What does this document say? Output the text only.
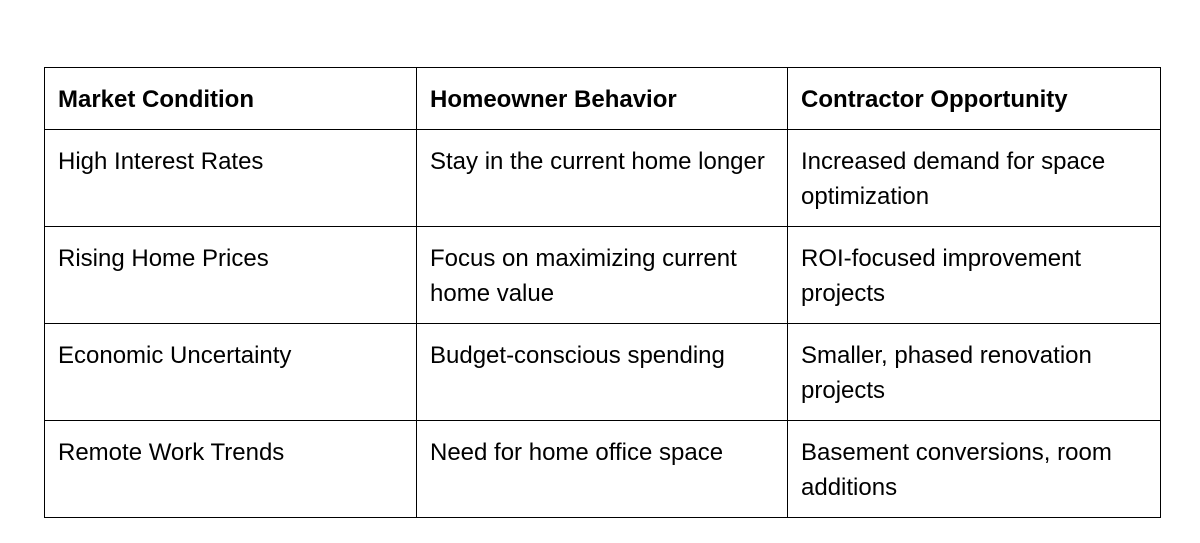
Market Condition	Homeowner Behavior	Contractor Opportunity
High Interest Rates	Stay in the current home longer	Increased demand for space optimization
Rising Home Prices	Focus on maximizing current home value	ROI-focused improvement projects
Economic Uncertainty	Budget-conscious spending	Smaller, phased renovation projects
Remote Work Trends	Need for home office space	Basement conversions, room additions
